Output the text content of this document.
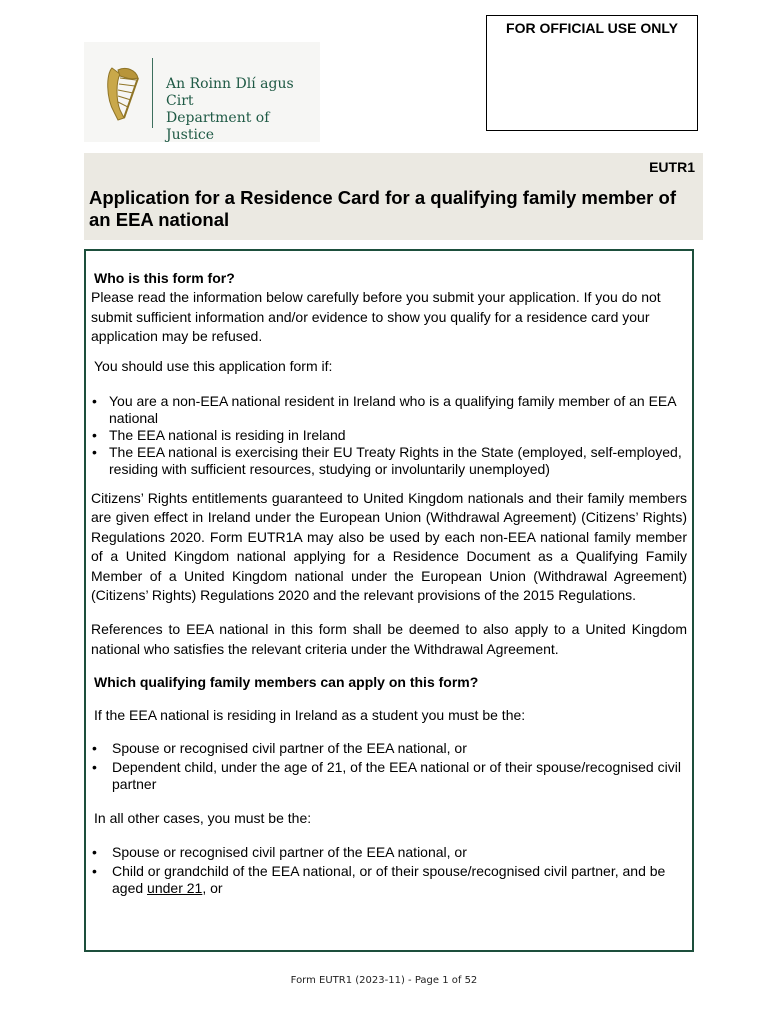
An Roinn Dlí agus Cirt
Department of Justice
FOR OFFICIAL USE ONLY
EUTR1
Application for a Residence Card for a qualifying family member of an EEA national

Who is this form for?

Please read the information below carefully before you submit your application. If you do not submit sufficient information and/or evidence to show you qualify for a residence card your application may be refused.

You should use this application form if:

• You are a non-EEA national resident in Ireland who is a qualifying family member of an EEA national
• The EEA national is residing in Ireland
• The EEA national is exercising their EU Treaty Rights in the State (employed, self-employed, residing with sufficient resources, studying or involuntarily unemployed)

Citizens’ Rights entitlements guaranteed to United Kingdom nationals and their family members are given effect in Ireland under the European Union (Withdrawal Agreement) (Citizens’ Rights) Regulations 2020. Form EUTR1A may also be used by each non-EEA national family member of a United Kingdom national applying for a Residence Document as a Qualifying Family Member of a United Kingdom national under the European Union (Withdrawal Agreement) (Citizens’ Rights) Regulations 2020 and the relevant provisions of the 2015 Regulations.

References to EEA national in this form shall be deemed to also apply to a United Kingdom national who satisfies the relevant criteria under the Withdrawal Agreement.

Which qualifying family members can apply on this form?

If the EEA national is residing in Ireland as a student you must be the:

• Spouse or recognised civil partner of the EEA national, or
• Dependent child, under the age of 21, of the EEA national or of their spouse/recognised civil partner

In all other cases, you must be the:

• Spouse or recognised civil partner of the EEA national, or
• Child or grandchild of the EEA national, or of their spouse/recognised civil partner, and be aged under 21, or
Form EUTR1 (2023-11) - Page 1 of 52
